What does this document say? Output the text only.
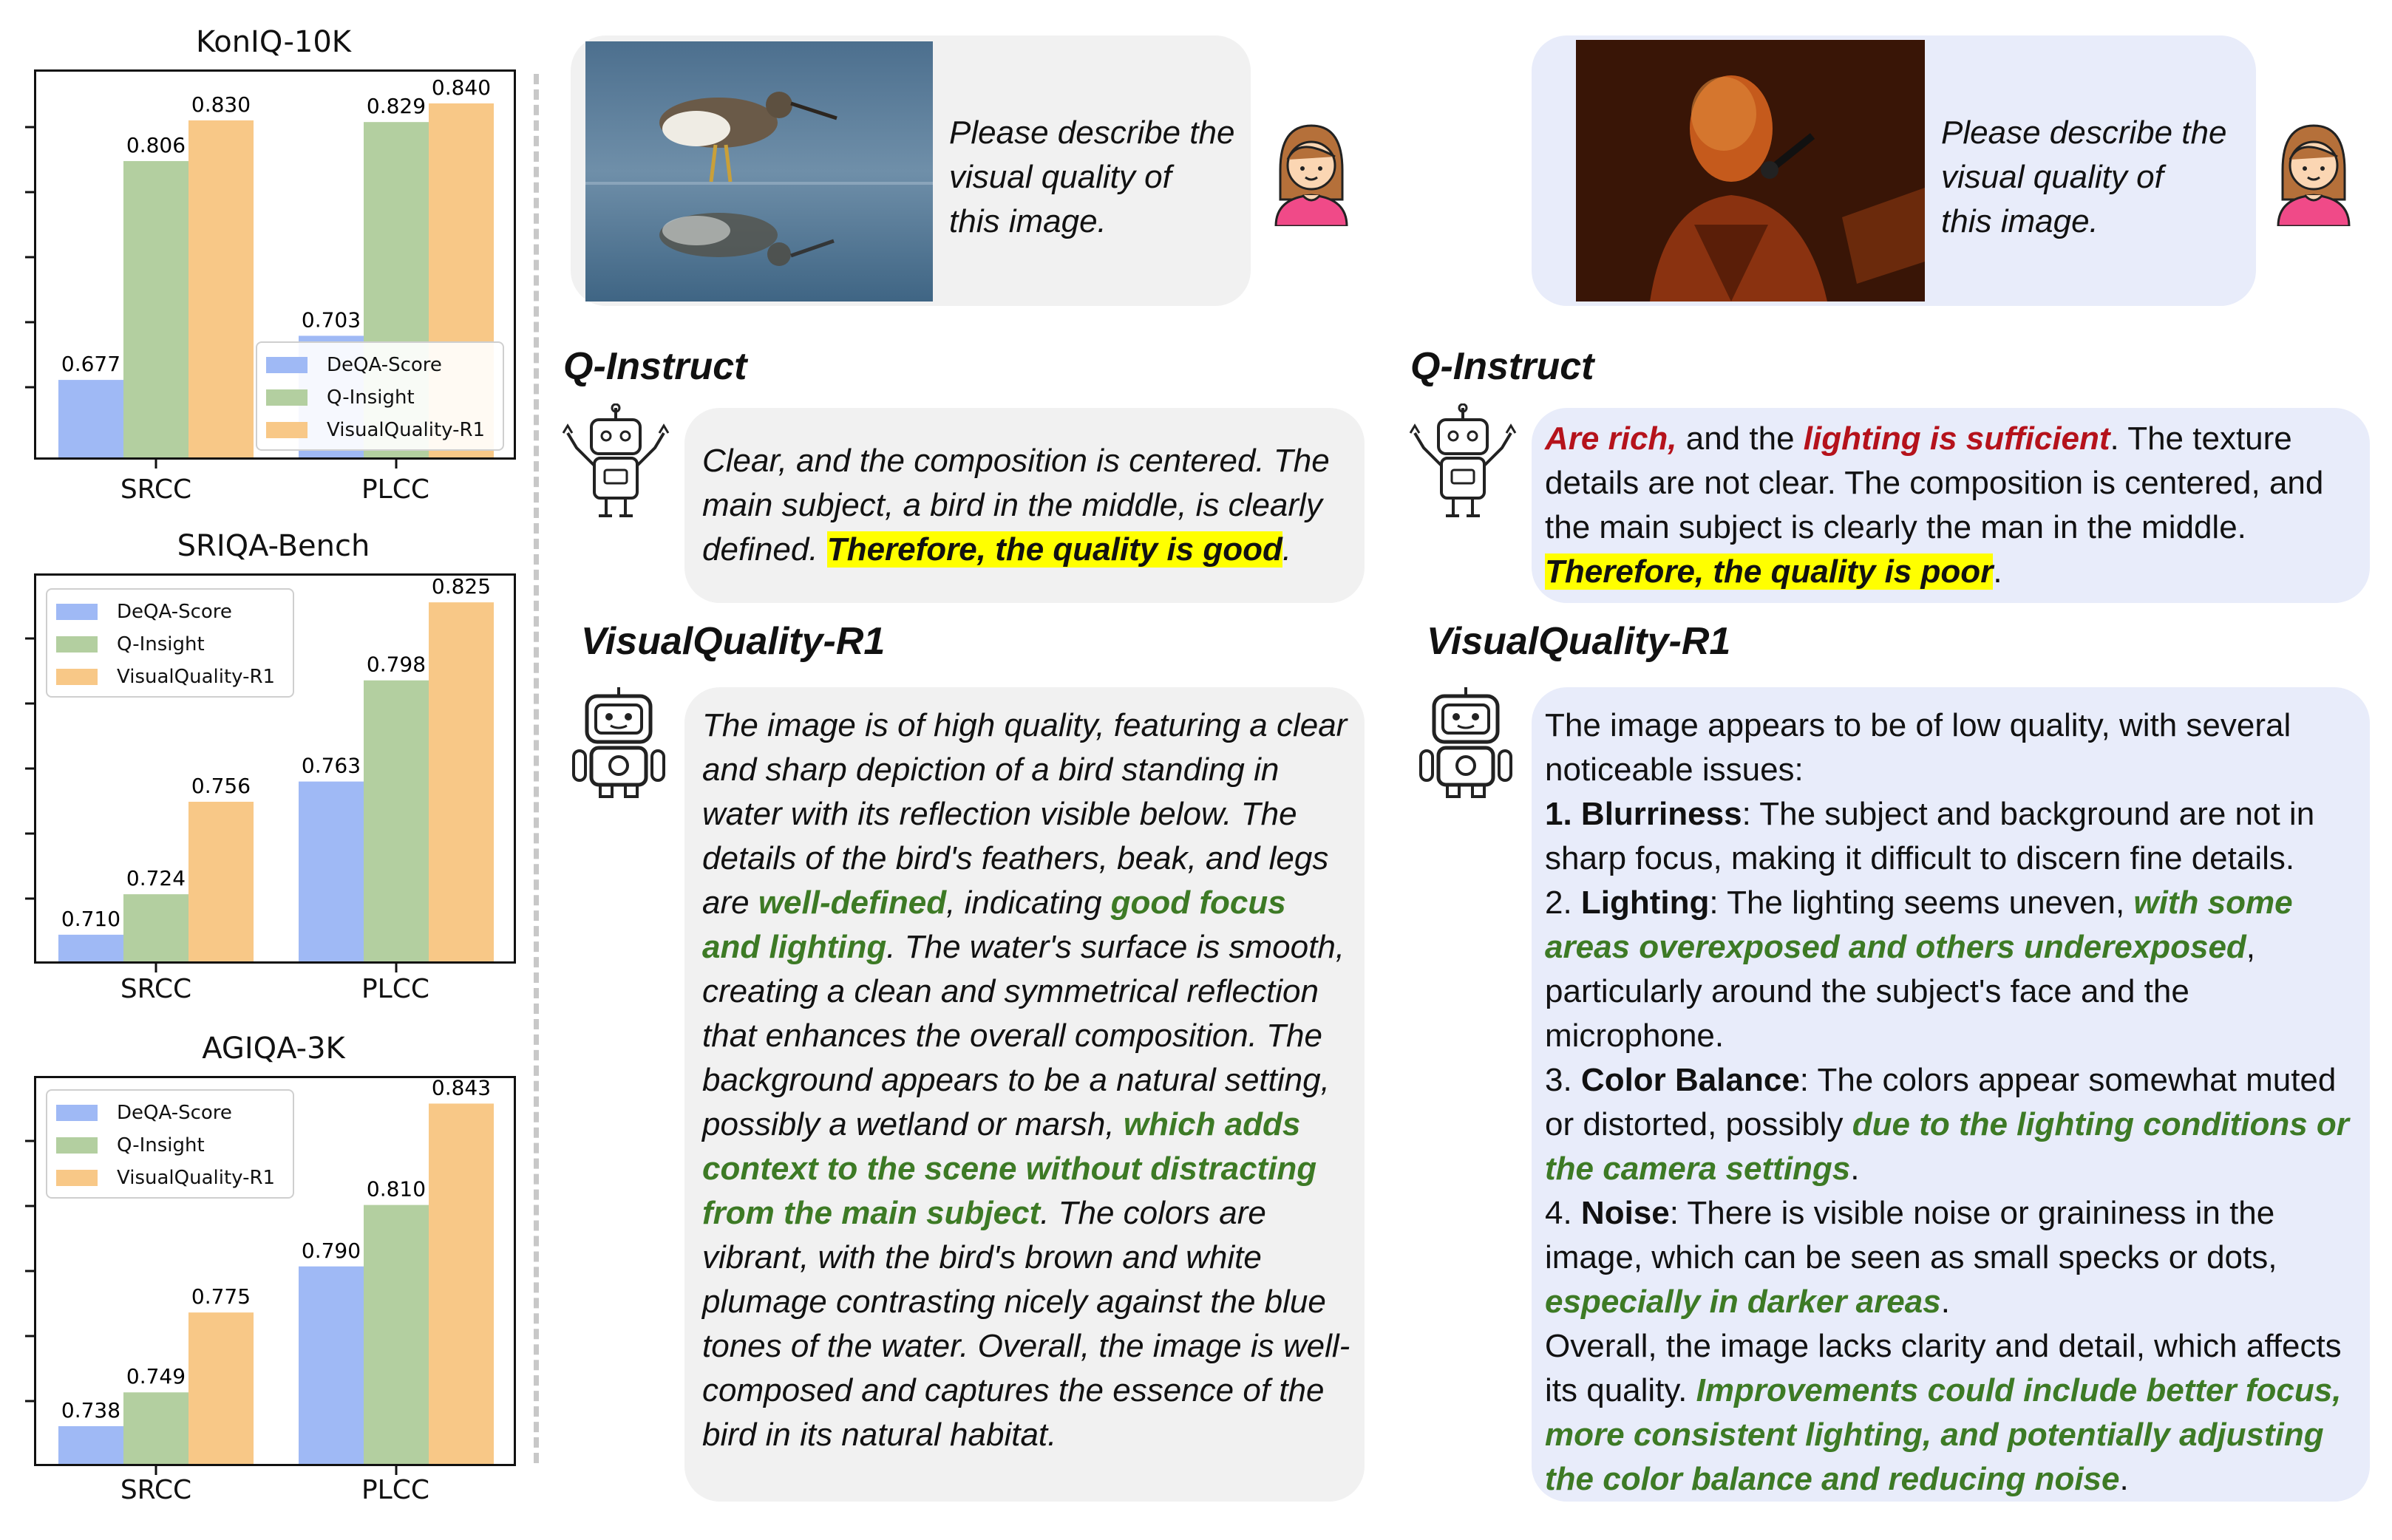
KonIQ-10K
0.677
0.806
0.830
0.703
0.829
0.840
SRCC	PLCC
DeQA-Score
Q-Insight
VisualQuality-R1
SRIQA-Bench
0.710
0.724
0.756
0.763
0.798
0.825
SRCC	PLCC
DeQA-Score
Q-Insight
VisualQuality-R1
AGIQA-3K
0.738
0.749
0.775
0.790
0.810
0.843
SRCC	PLCC
DeQA-Score
Q-Insight
VisualQuality-R1
Please describe the
visual quality of
this image.
Q-Instruct
Clear, and the composition is centered. The main subject, a bird in the middle, is clearly defined. Therefore, the quality is good.
VisualQuality-R1
The image is of high quality, featuring a clear and sharp depiction of a bird standing in water with its reflection visible below. The details of the bird's feathers, beak, and legs are well-defined, indicating good focus and lighting. The water's surface is smooth, creating a clean and symmetrical reflection that enhances the overall composition. The background appears to be a natural setting, possibly a wetland or marsh, which adds context to the scene without distracting from the main subject. The colors are vibrant, with the bird's brown and white plumage contrasting nicely against the blue tones of the water. Overall, the image is well-composed and captures the essence of the bird in its natural habitat.
Please describe the
visual quality of
this image.
Q-Instruct
Are rich, and the lighting is sufficient. The texture details are not clear. The composition is centered, and the main subject is clearly the man in the middle. Therefore, the quality is poor.
VisualQuality-R1
The image appears to be of low quality, with several noticeable issues:
1. Blurriness: The subject and background are not in sharp focus, making it difficult to discern fine details.
2. Lighting: The lighting seems uneven, with some areas overexposed and others underexposed, particularly around the subject's face and the microphone.
3. Color Balance: The colors appear somewhat muted or distorted, possibly due to the lighting conditions or the camera settings.
4. Noise: There is visible noise or graininess in the image, which can be seen as small specks or dots, especially in darker areas.
Overall, the image lacks clarity and detail, which affects its quality. Improvements could include better focus, more consistent lighting, and potentially adjusting the color balance and reducing noise.
